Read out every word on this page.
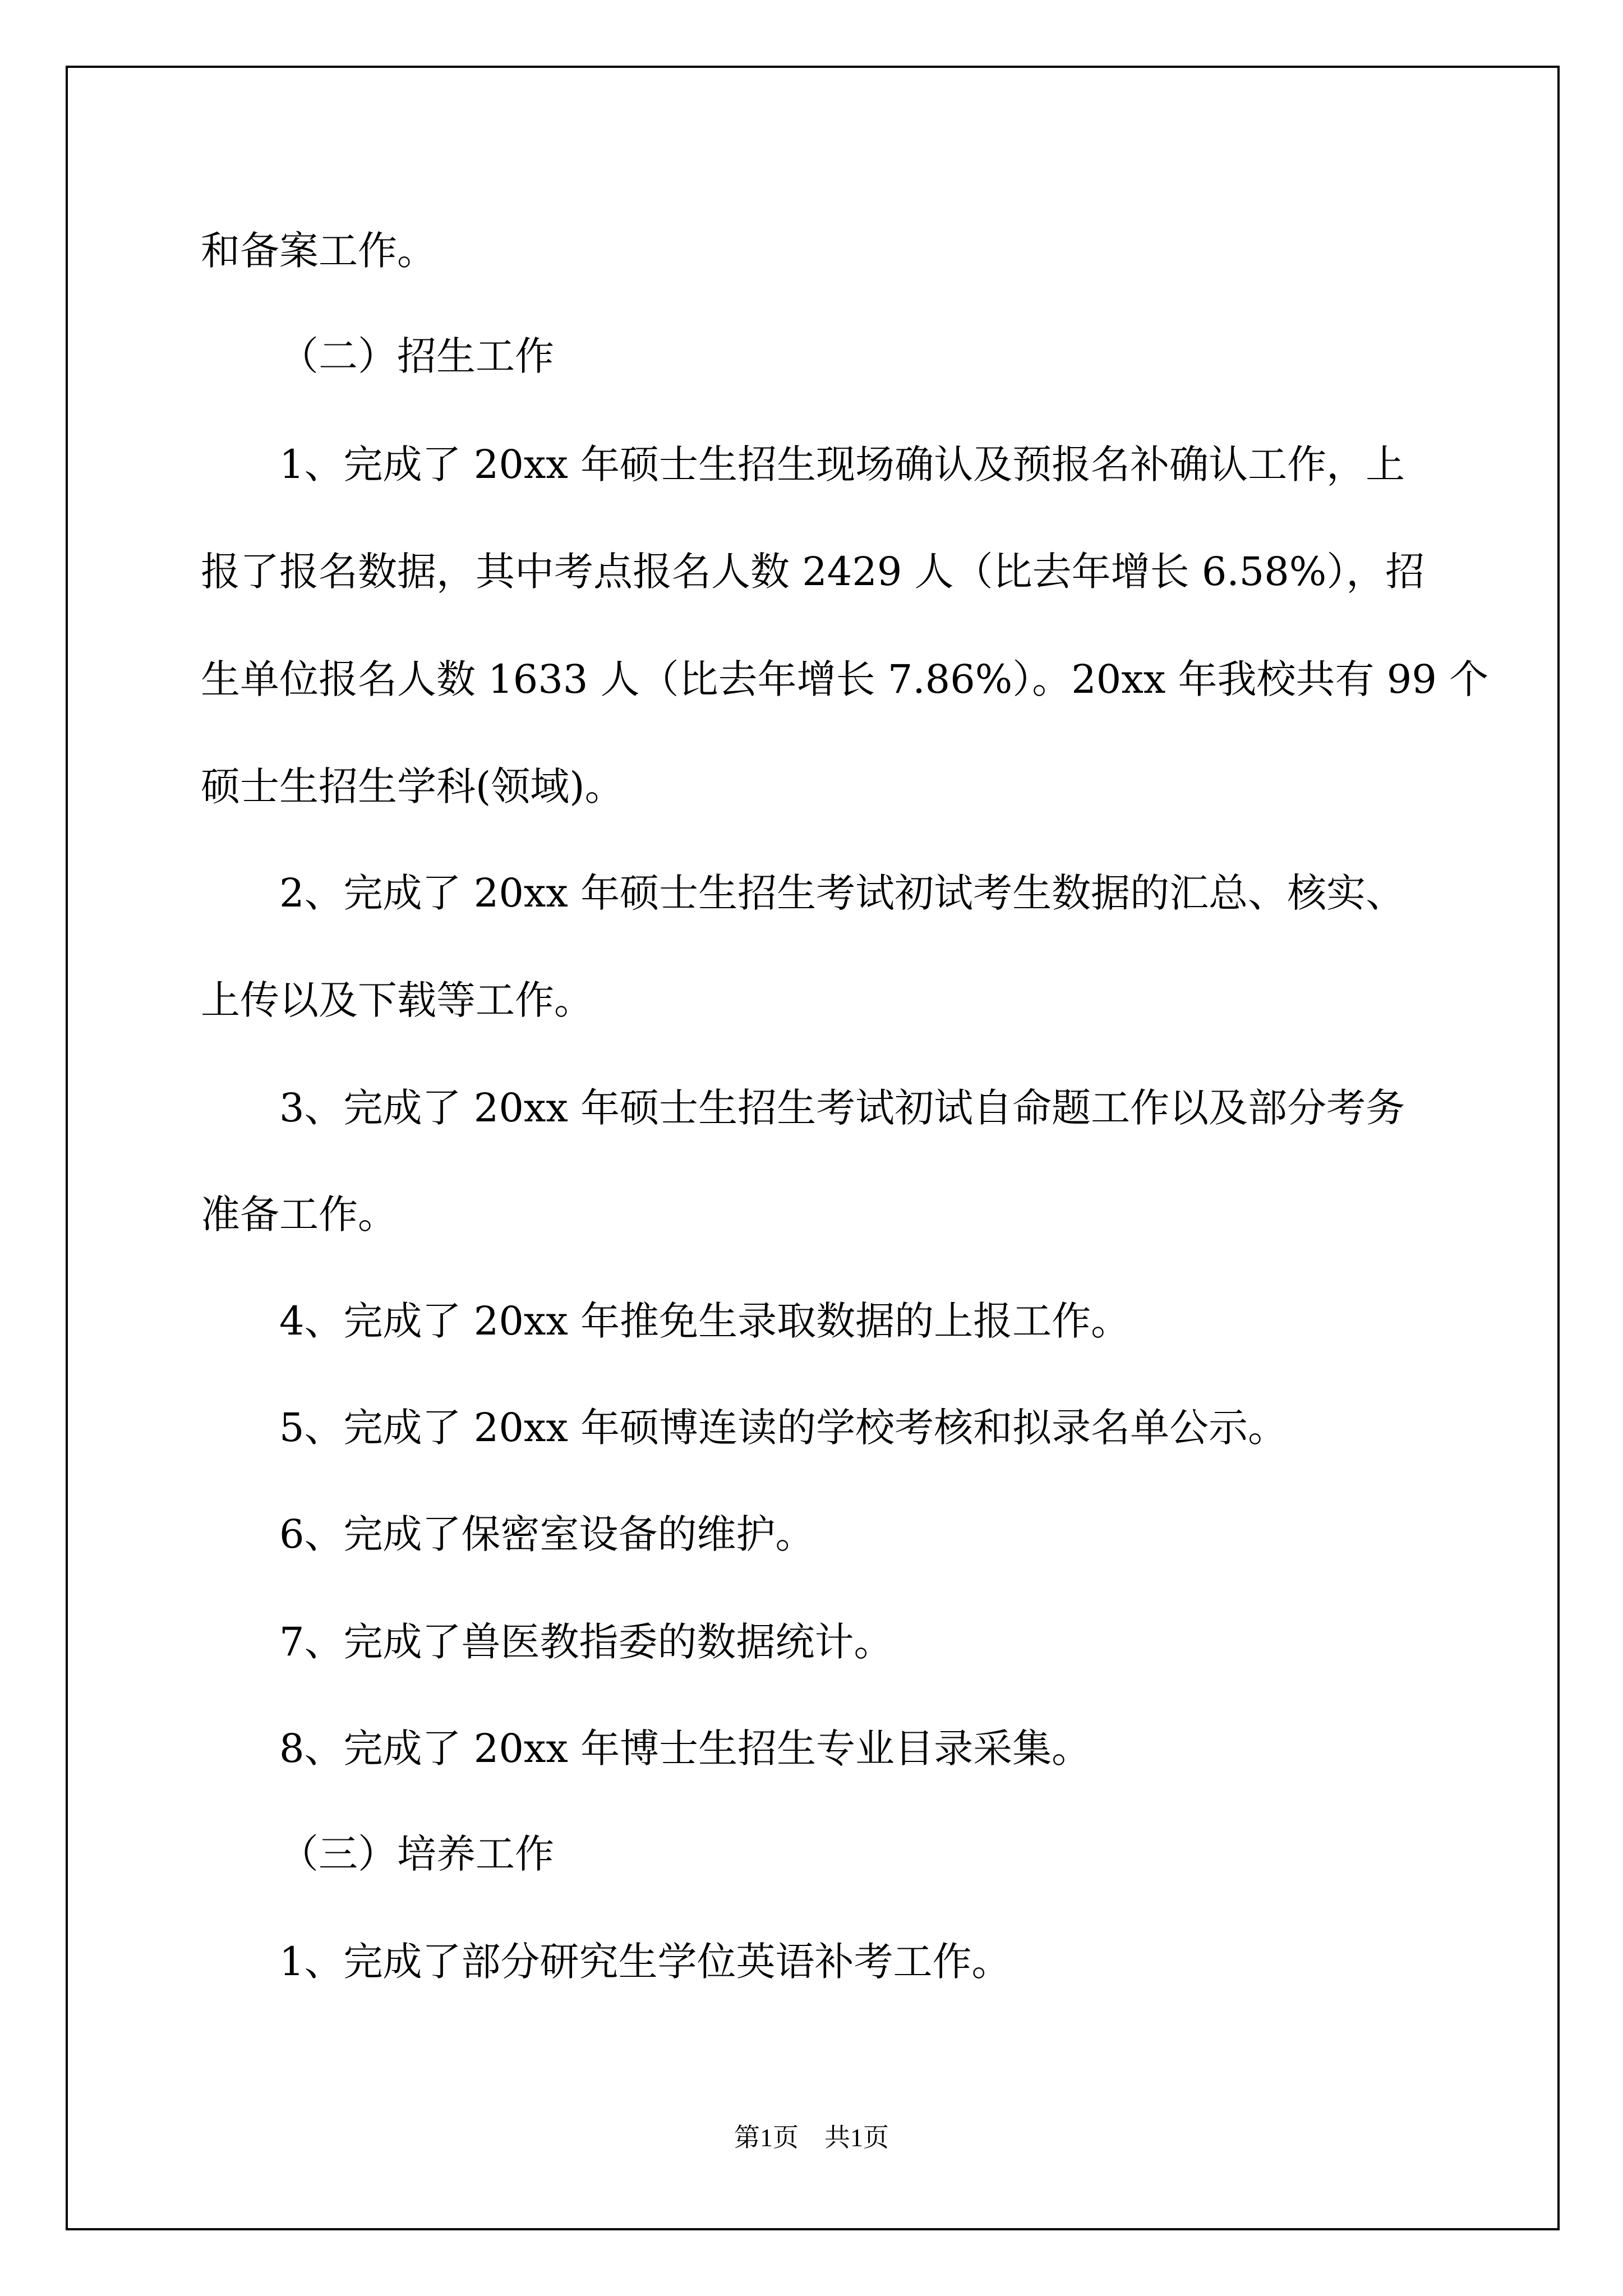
和备案工作。

（二）招生工作

1、完成了 20xx 年硕士生招生现场确认及预报名补确认工作，上

报了报名数据，其中考点报名人数 2429 人（比去年增长 6.58%），招

生单位报名人数 1633 人（比去年增长 7.86%）。20xx 年我校共有 99 个

硕士生招生学科(领域)。

2、完成了 20xx 年硕士生招生考试初试考生数据的汇总、核实、

上传以及下载等工作。

3、完成了 20xx 年硕士生招生考试初试自命题工作以及部分考务

准备工作。

4、完成了 20xx 年推免生录取数据的上报工作。

5、完成了 20xx 年硕博连读的学校考核和拟录名单公示。

6、完成了保密室设备的维护。

7、完成了兽医教指委的数据统计。

8、完成了 20xx 年博士生招生专业目录采集。

（三）培养工作

1、完成了部分研究生学位英语补考工作。

第1页　共1页
